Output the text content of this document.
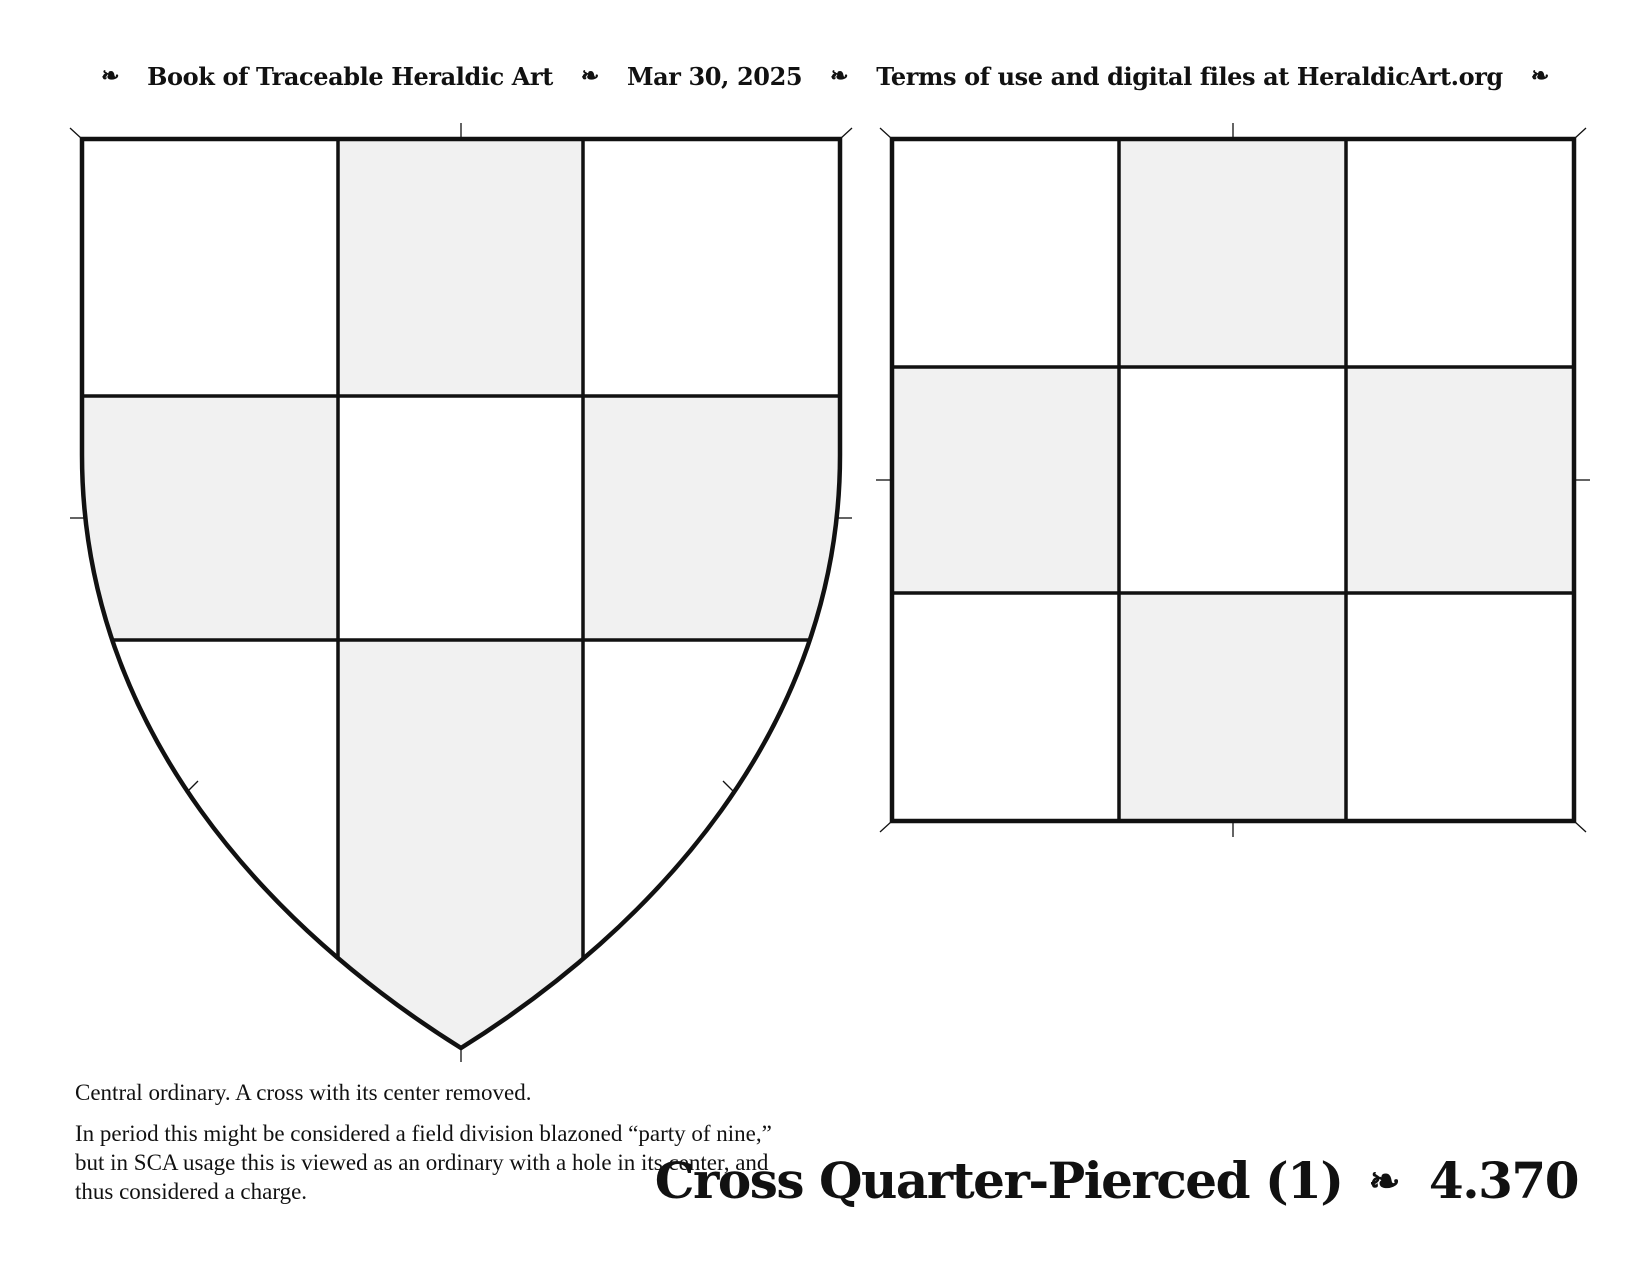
❧ Book of Traceable Heraldic Art ❧ Mar 30, 2025 ❧ Terms of use and digital files at HeraldicArt.org ❧
Central ordinary. A cross with its center removed.
In period this might be considered a field division blazoned “party of nine,” but in SCA usage this is viewed as an ordinary with a hole in its center, and thus considered a charge.	Cross Quarter-Pierced (1) ❧ 4.370
